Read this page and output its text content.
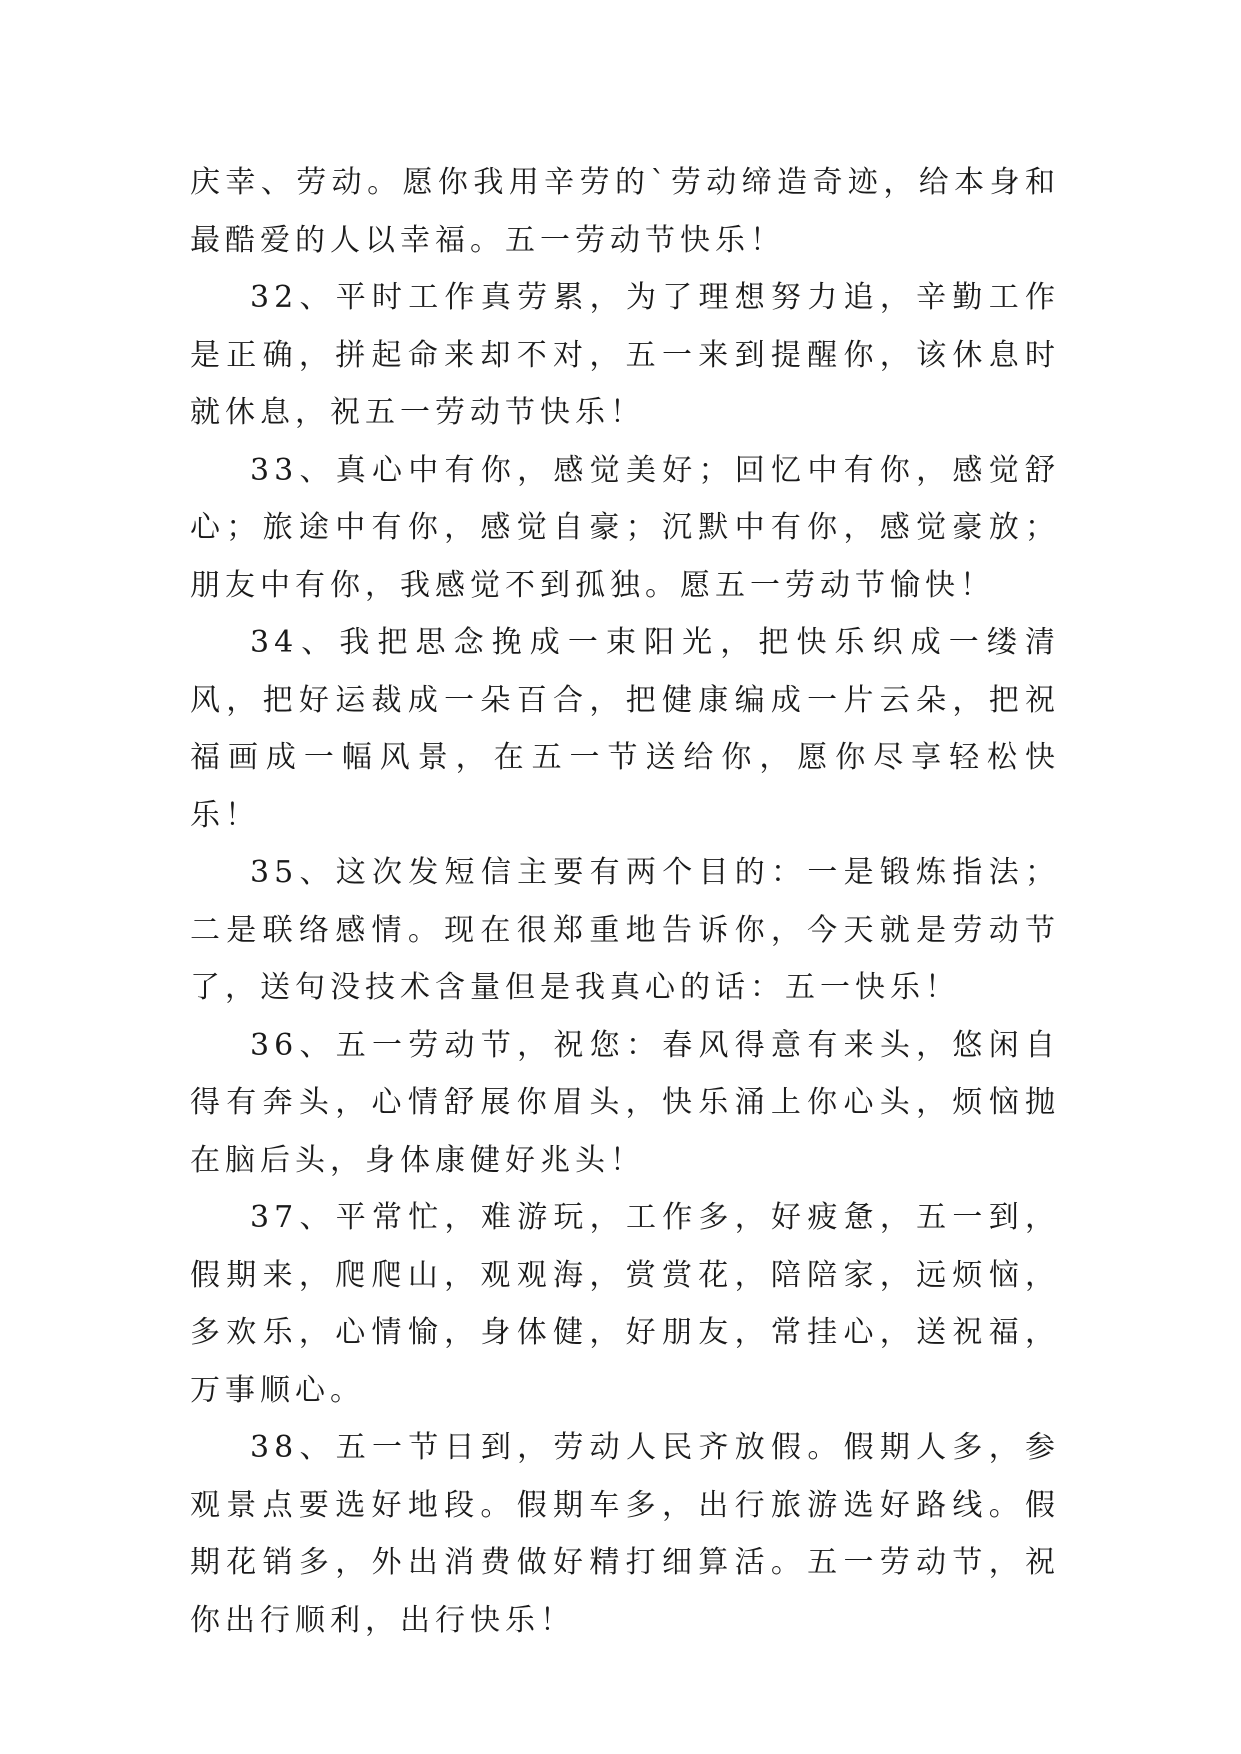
庆幸、劳动。愿你我用辛劳的`劳动缔造奇迹，给本身和最酷爱的人以幸福。五一劳动节快乐！

32、平时工作真劳累，为了理想努力追，辛勤工作是正确，拼起命来却不对，五一来到提醒你，该休息时就休息，祝五一劳动节快乐！

33、真心中有你，感觉美好；回忆中有你，感觉舒心；旅途中有你，感觉自豪；沉默中有你，感觉豪放；朋友中有你，我感觉不到孤独。愿五一劳动节愉快！

34、我把思念挽成一束阳光，把快乐织成一缕清风，把好运裁成一朵百合，把健康编成一片云朵，把祝福画成一幅风景，在五一节送给你，愿你尽享轻松快乐！

35、这次发短信主要有两个目的：一是锻炼指法；二是联络感情。现在很郑重地告诉你，今天就是劳动节了，送句没技术含量但是我真心的话：五一快乐！

36、五一劳动节，祝您：春风得意有来头，悠闲自得有奔头，心情舒展你眉头，快乐涌上你心头，烦恼抛在脑后头，身体康健好兆头！

37、平常忙，难游玩，工作多，好疲惫，五一到，假期来，爬爬山，观观海，赏赏花，陪陪家，远烦恼，多欢乐，心情愉，身体健，好朋友，常挂心，送祝福，万事顺心。

38、五一节日到，劳动人民齐放假。假期人多，参观景点要选好地段。假期车多，出行旅游选好路线。假期花销多，外出消费做好精打细算活。五一劳动节，祝你出行顺利，出行快乐！
